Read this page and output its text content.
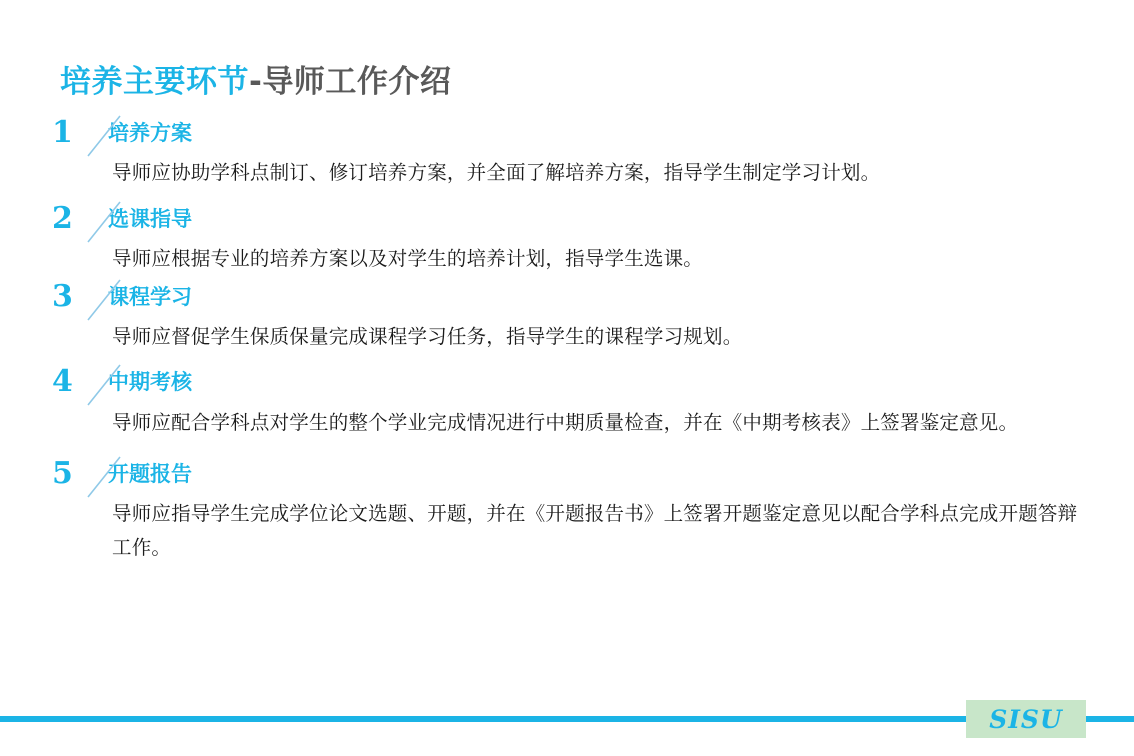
培养主要环节-导师工作介绍
1	培养方案
导师应协助学科点制订、修订培养方案，并全面了解培养方案，指导学生制定学习计划。
2	选课指导
导师应根据专业的培养方案以及对学生的培养计划，指导学生选课。
3	课程学习
导师应督促学生保质保量完成课程学习任务，指导学生的课程学习规划。
4	中期考核
导师应配合学科点对学生的整个学业完成情况进行中期质量检查，并在《中期考核表》上签署鉴定意见。
5	开题报告
导师应指导学生完成学位论文选题、开题，并在《开题报告书》上签署开题鉴定意见以配合学科点完成开题答辩工作。
SISU
